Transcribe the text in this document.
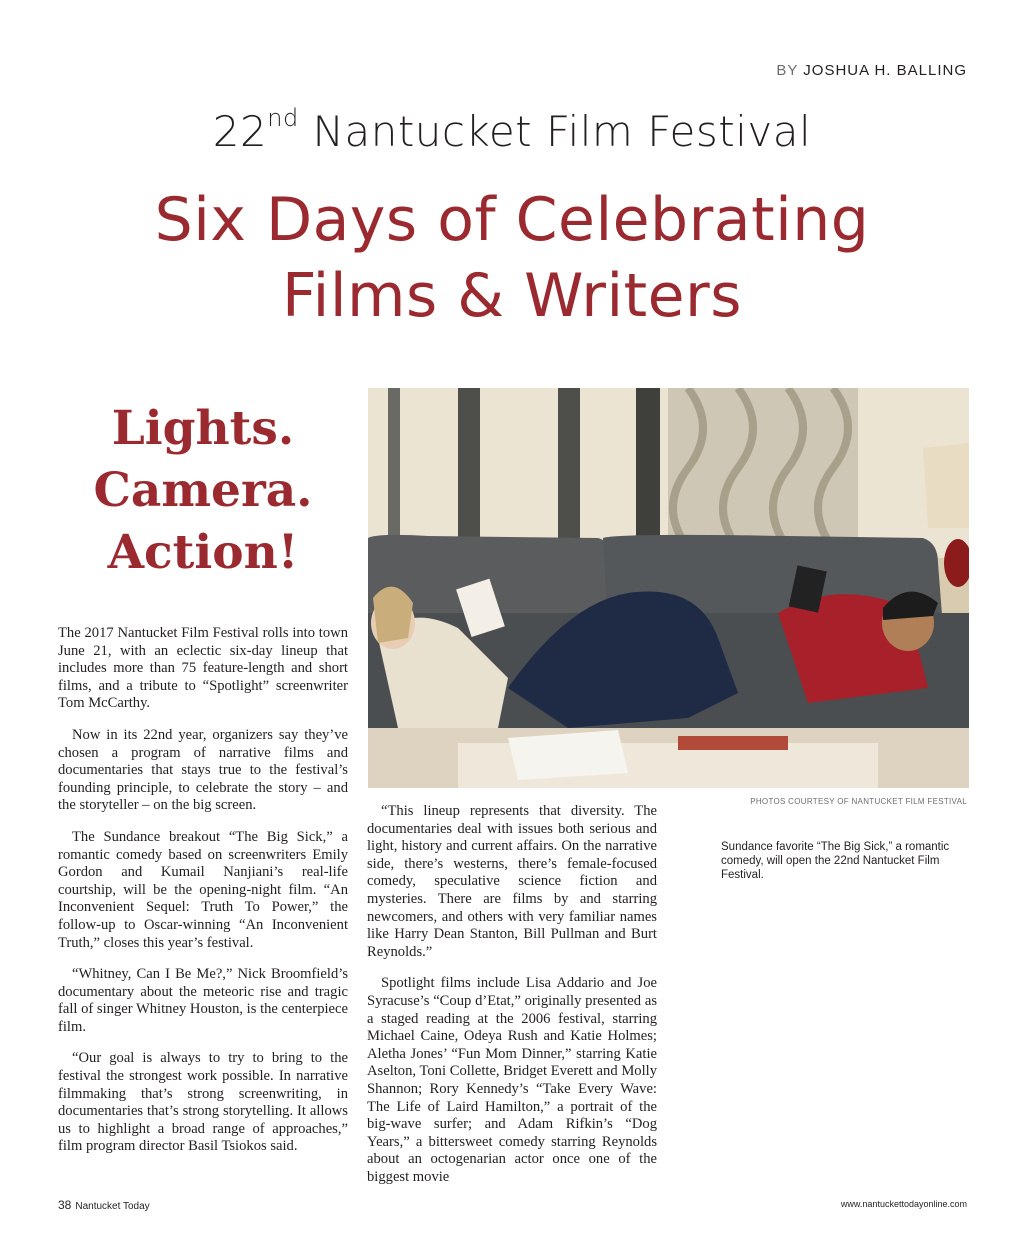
BY JOSHUA H. BALLING
22nd Nantucket Film Festival
Six Days of Celebrating
Films & Writers
Lights.
Camera.
Action!

The 2017 Nantucket Film Festival rolls into town June 21, with an eclectic six-day lineup that includes more than 75 feature-length and short films, and a tribute to “Spotlight” screenwriter Tom McCarthy.

Now in its 22nd year, organizers say they’ve chosen a program of narrative films and documentaries that stays true to the festival’s founding principle, to celebrate the story – and the storyteller – on the big screen.

The Sundance breakout “The Big Sick,” a romantic comedy based on screenwriters Emily Gordon and Kumail Nanjiani’s real-life courtship, will be the opening-night film. “An Inconvenient Sequel: Truth To Power,” the follow-up to Oscar-winning “An Inconvenient Truth,” closes this year’s festival.

“Whitney, Can I Be Me?,” Nick Broomfield’s documentary about the meteoric rise and tragic fall of singer Whitney Houston, is the centerpiece film.

“Our goal is always to try to bring to the festival the strongest work possible. In narrative filmmaking that’s strong screenwriting, in documentaries that’s strong storytelling. It allows us to highlight a broad range of approaches,” film program director Basil Tsiokos said.

PHOTOS COURTESY OF NANTUCKET FILM FESTIVAL

“This lineup represents that diversity. The documentaries deal with issues both serious and light, history and current affairs. On the narrative side, there’s westerns, there’s female-focused comedy, speculative science fiction and mysteries. There are films by and starring newcomers, and others with very familiar names like Harry Dean Stanton, Bill Pullman and Burt Reynolds.”

Spotlight films include Lisa Addario and Joe Syracuse’s “Coup d’Etat,” originally presented as a staged reading at the 2006 festival, starring Michael Caine, Odeya Rush and Katie Holmes; Aletha Jones’ “Fun Mom Dinner,” starring Katie Aselton, Toni Collette, Bridget Everett and Molly Shannon; Rory Kennedy’s “Take Every Wave: The Life of Laird Hamilton,” a portrait of the big-wave surfer; and Adam Rifkin’s “Dog Years,” a bittersweet comedy starring Reynolds about an octogenarian actor once one of the biggest movie

Sundance favorite “The Big Sick,” a romantic comedy, will open the 22nd Nantucket Film Festival.
38 Nantucket Today	www.nantuckettodayonline.com
